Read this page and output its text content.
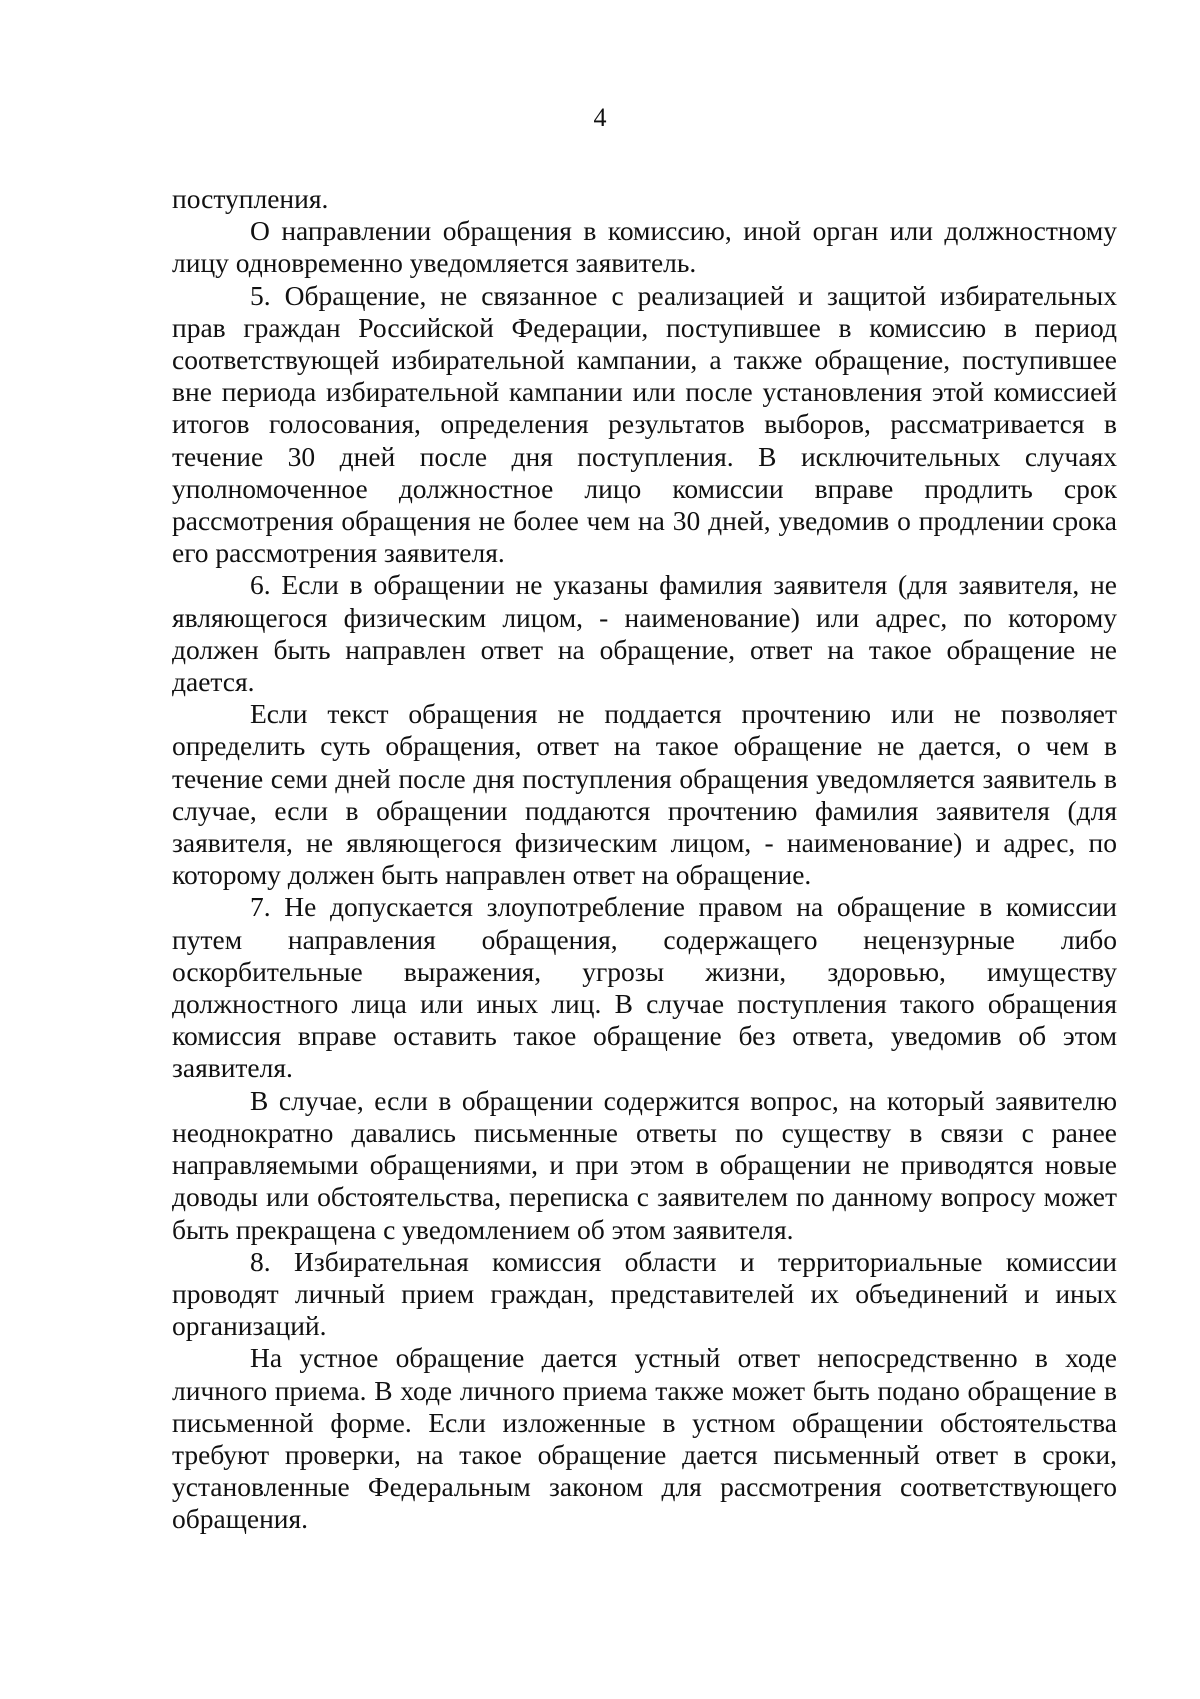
4

поступления.

О направлении обращения в комиссию, иной орган или должностному лицу одновременно уведомляется заявитель.

5. Обращение, не связанное с реализацией и защитой избирательных прав граждан Российской Федерации, поступившее в комиссию в период соответствующей избирательной кампании, а также обращение, поступившее вне периода избирательной кампании или после установления этой комиссией итогов голосования, определения результатов выборов, рассматривается в течение 30 дней после дня поступления. В исключительных случаях уполномоченное должностное лицо комиссии вправе продлить срок рассмотрения обращения не более чем на 30 дней, уведомив о продлении срока его рассмотрения заявителя.

6. Если в обращении не указаны фамилия заявителя (для заявителя, не являющегося физическим лицом, - наименование) или адрес, по которому должен быть направлен ответ на обращение, ответ на такое обращение не дается.

Если текст обращения не поддается прочтению или не позволяет определить суть обращения, ответ на такое обращение не дается, о чем в течение семи дней после дня поступления обращения уведомляется заявитель в случае, если в обращении поддаются прочтению фамилия заявителя (для заявителя, не являющегося физическим лицом, - наименование) и адрес, по которому должен быть направлен ответ на обращение.

7. Не допускается злоупотребление правом на обращение в комиссии путем направления обращения, содержащего нецензурные либо оскорбительные выражения, угрозы жизни, здоровью, имуществу должностного лица или иных лиц. В случае поступления такого обращения комиссия вправе оставить такое обращение без ответа, уведомив об этом заявителя.

В случае, если в обращении содержится вопрос, на который заявителю неоднократно давались письменные ответы по существу в связи с ранее направляемыми обращениями, и при этом в обращении не приводятся новые доводы или обстоятельства, переписка с заявителем по данному вопросу может быть прекращена с уведомлением об этом заявителя.

8. Избирательная комиссия области и территориальные комиссии проводят личный прием граждан, представителей их объединений и иных организаций.

На устное обращение дается устный ответ непосредственно в ходе личного приема. В ходе личного приема также может быть подано обращение в письменной форме. Если изложенные в устном обращении обстоятельства требуют проверки, на такое обращение дается письменный ответ в сроки, установленные Федеральным законом для рассмотрения соответствующего обращения.
